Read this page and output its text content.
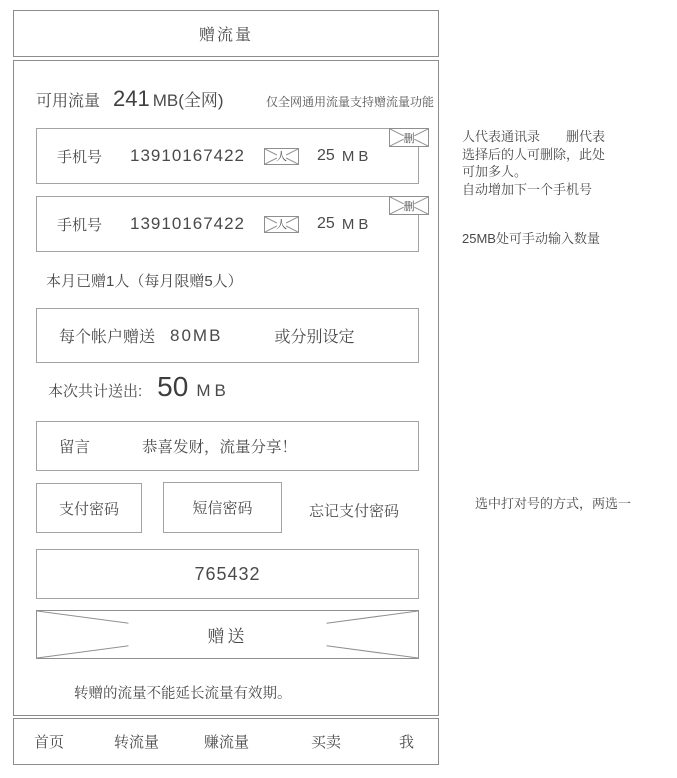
赠流量
可用流量 241 MB(全网)	仅全网通用流量支持赠流量功能
手机号 13910167422	人 25 MB
删
手机号 13910167422	人 25 MB
删
本月已赠1人（每月限赠5人）
每个帐户赠送 80MB	或分别设定
本次共计送出: 50 MB
留言	恭喜发财，流量分享！
支付密码	短信密码	忘记支付密码
765432
赠送
转赠的流量不能延长流量有效期。
首页	转流量	赚流量	买卖	我
人代表通讯录　　删代表
选择后的人可删除，此处
可加多人。
自动增加下一个手机号
25MB处可手动输入数量
选中打对号的方式，两选一
